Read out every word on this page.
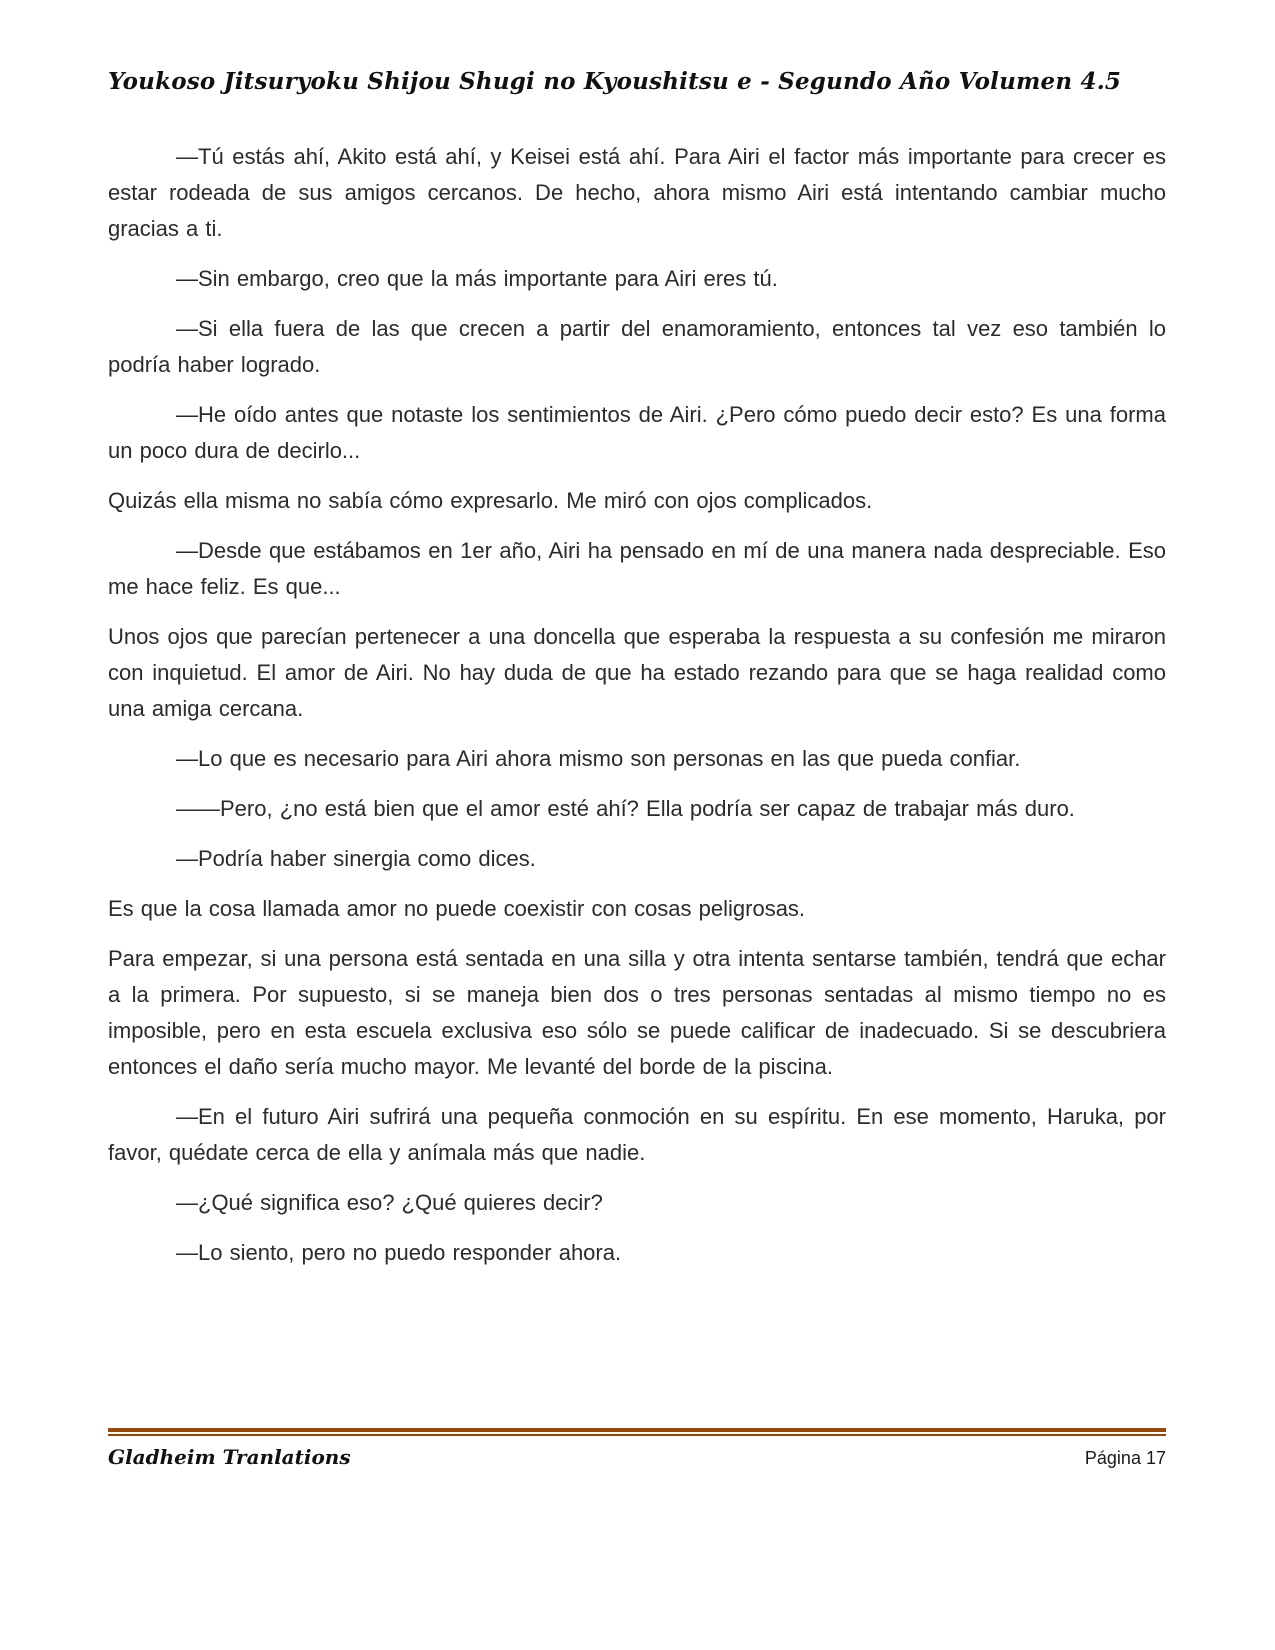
Youkoso Jitsuryoku Shijou Shugi no Kyoushitsu e - Segundo Año Volumen 4.5

—Tú estás ahí, Akito está ahí, y Keisei está ahí. Para Airi el factor más importante para crecer es estar rodeada de sus amigos cercanos. De hecho, ahora mismo Airi está intentando cambiar mucho gracias a ti.

—Sin embargo, creo que la más importante para Airi eres tú.

—Si ella fuera de las que crecen a partir del enamoramiento, entonces tal vez eso también lo podría haber logrado.

—He oído antes que notaste los sentimientos de Airi. ¿Pero cómo puedo decir esto? Es una forma un poco dura de decirlo...

Quizás ella misma no sabía cómo expresarlo. Me miró con ojos complicados.

—Desde que estábamos en 1er año, Airi ha pensado en mí de una manera nada despreciable. Eso me hace feliz. Es que...

Unos ojos que parecían pertenecer a una doncella que esperaba la respuesta a su confesión me miraron con inquietud. El amor de Airi. No hay duda de que ha estado rezando para que se haga realidad como una amiga cercana.

—Lo que es necesario para Airi ahora mismo son personas en las que pueda confiar.

——Pero, ¿no está bien que el amor esté ahí? Ella podría ser capaz de trabajar más duro.

—Podría haber sinergia como dices.

Es que la cosa llamada amor no puede coexistir con cosas peligrosas.

Para empezar, si una persona está sentada en una silla y otra intenta sentarse también, tendrá que echar a la primera. Por supuesto, si se maneja bien dos o tres personas sentadas al mismo tiempo no es imposible, pero en esta escuela exclusiva eso sólo se puede calificar de inadecuado. Si se descubriera entonces el daño sería mucho mayor. Me levanté del borde de la piscina.

—En el futuro Airi sufrirá una pequeña conmoción en su espíritu. En ese momento, Haruka, por favor, quédate cerca de ella y anímala más que nadie.

—¿Qué significa eso? ¿Qué quieres decir?

—Lo siento, pero no puedo responder ahora.

Gladheim Tranlations	Página 17
